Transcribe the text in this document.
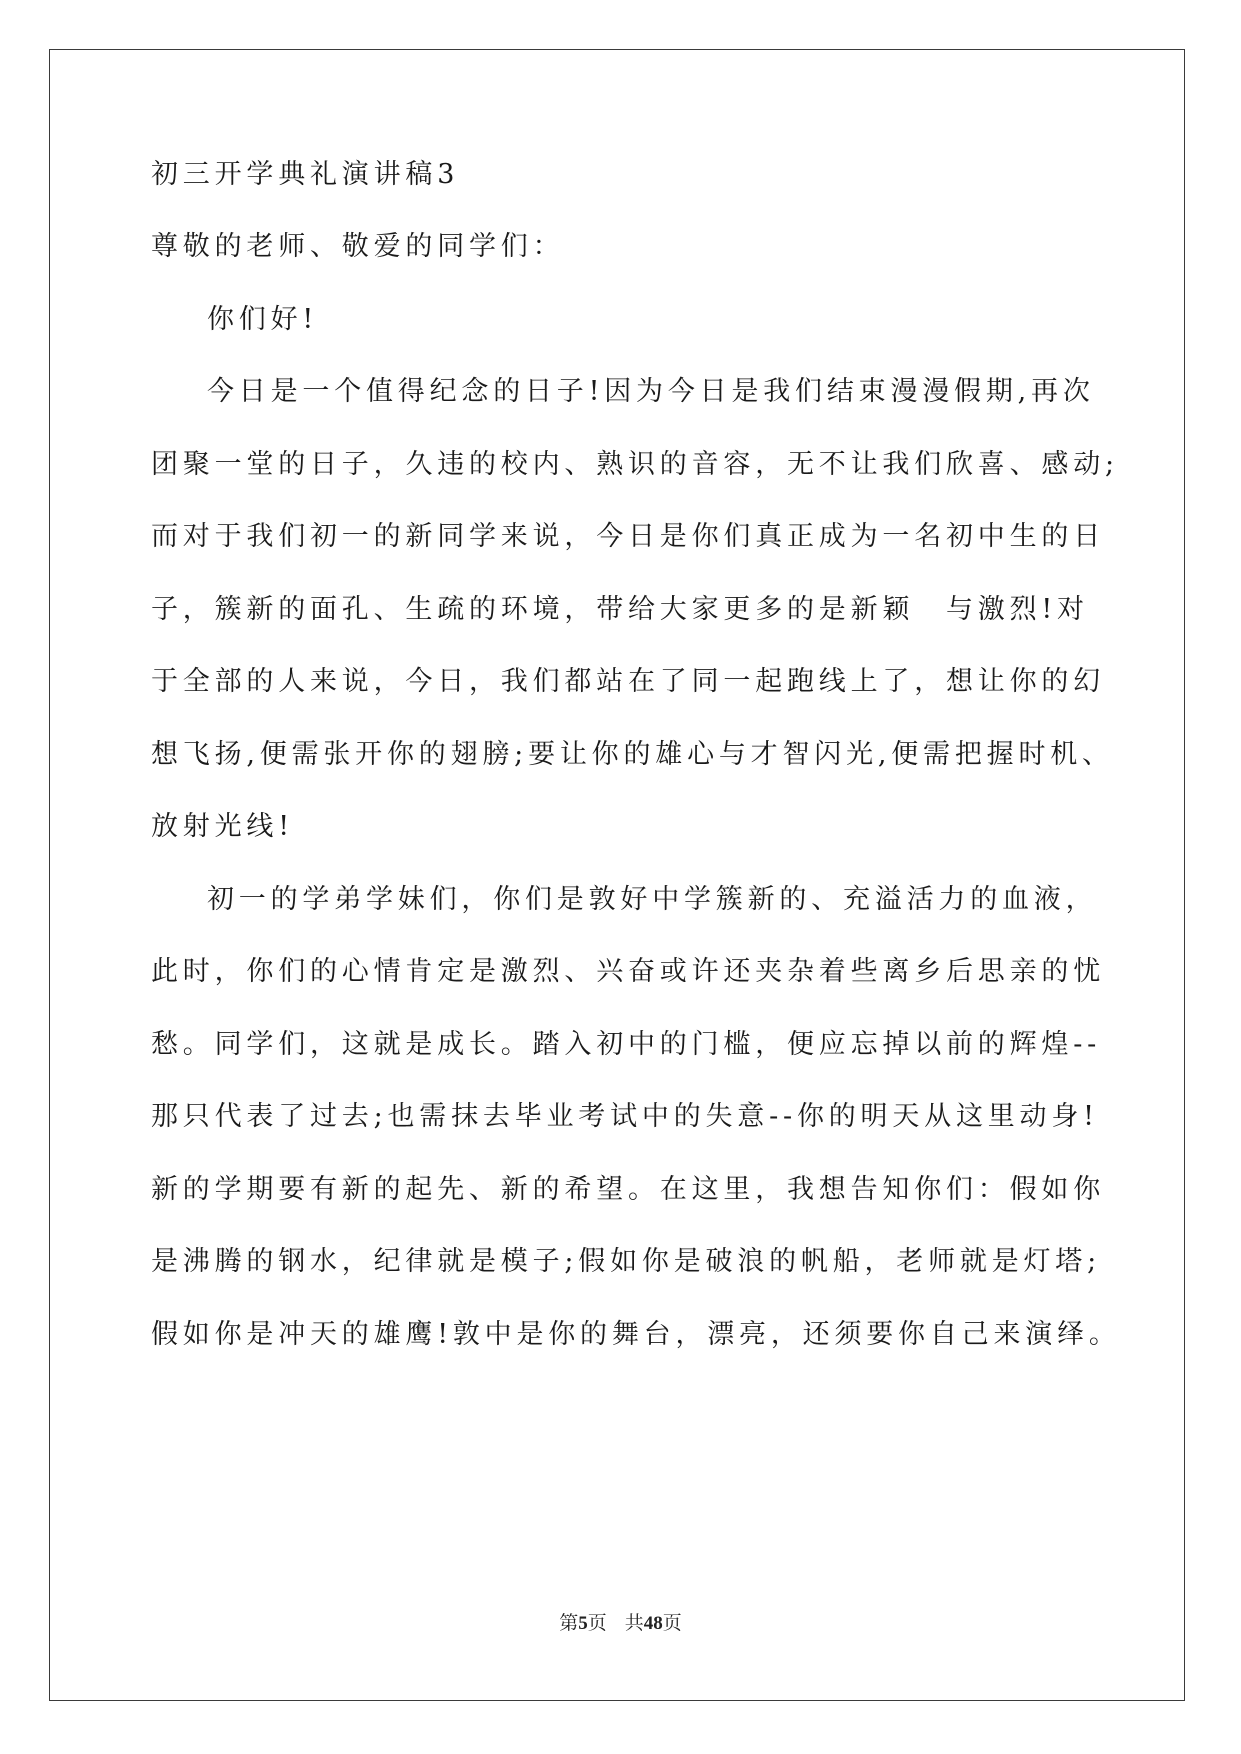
初三开学典礼演讲稿3
尊敬的老师、敬爱的同学们：
你们好!
今日是一个值得纪念的日子!因为今日是我们结束漫漫假期,再次
团聚一堂的日子，久违的校内、熟识的音容，无不让我们欣喜、感动;
而对于我们初一的新同学来说，今日是你们真正成为一名初中生的日
子，簇新的面孔、生疏的环境，带给大家更多的是新颖　与激烈!对
于全部的人来说，今日，我们都站在了同一起跑线上了，想让你的幻
想飞扬,便需张开你的翅膀;要让你的雄心与才智闪光,便需把握时机、
放射光线!
初一的学弟学妹们，你们是敦好中学簇新的、充溢活力的血液，
此时，你们的心情肯定是激烈、兴奋或许还夹杂着些离乡后思亲的忧
愁。同学们，这就是成长。踏入初中的门槛，便应忘掉以前的辉煌--
那只代表了过去;也需抹去毕业考试中的失意--你的明天从这里动身!
新的学期要有新的起先、新的希望。在这里，我想告知你们：假如你
是沸腾的钢水，纪律就是模子;假如你是破浪的帆船，老师就是灯塔;
假如你是冲天的雄鹰!敦中是你的舞台，漂亮，还须要你自己来演绎。
第5页 共48页
